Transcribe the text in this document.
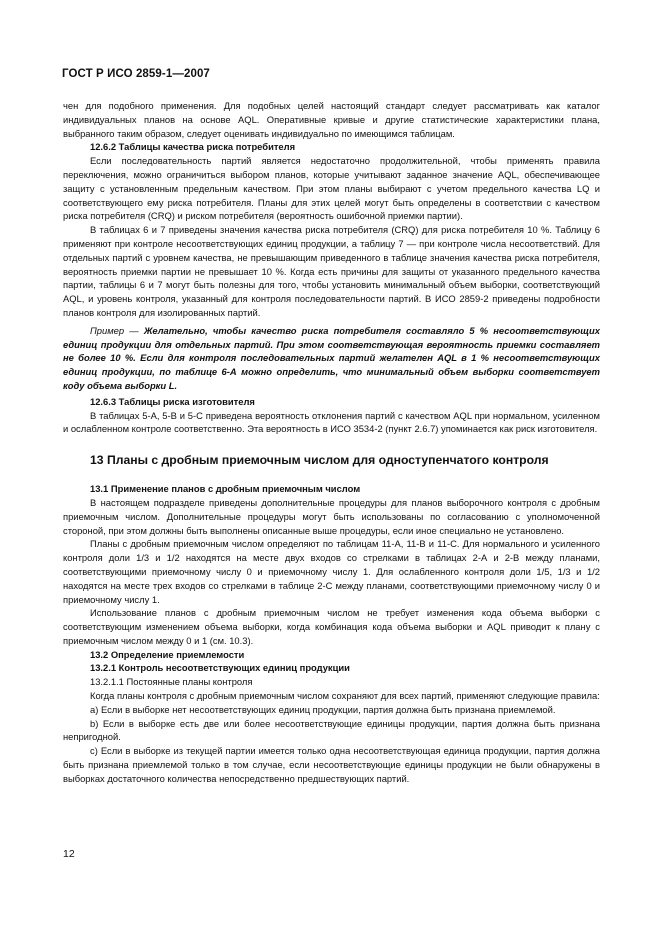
ГОСТ Р ИСО 2859-1—2007

чен для подобного применения. Для подобных целей настоящий стандарт следует рассматривать как каталог индивидуальных планов на основе AQL. Оперативные кривые и другие статистические характеристики плана, выбранного таким образом, следует оценивать индивидуально по имеющимся таблицам.

12.6.2 Таблицы качества риска потребителя

Если последовательность партий является недостаточно продолжительной, чтобы применять правила переключения, можно ограничиться выбором планов, которые учитывают заданное значение AQL, обеспечивающее защиту с установленным предельным качеством. При этом планы выбирают с учетом предельного качества LQ и соответствующего ему риска потребителя. Планы для этих целей могут быть определены в соответствии с качеством риска потребителя (CRQ) и риском потребителя (вероятность ошибочной приемки партии).

В таблицах 6 и 7 приведены значения качества риска потребителя (CRQ) для риска потребителя 10 %. Таблицу 6 применяют при контроле несоответствующих единиц продукции, а таблицу 7 — при контроле числа несоответствий. Для отдельных партий с уровнем качества, не превышающим приведенного в таблице значения качества риска потребителя, вероятность приемки партии не превышает 10 %. Когда есть причины для защиты от указанного предельного качества партии, таблицы 6 и 7 могут быть полезны для того, чтобы установить минимальный объем выборки, соответствующий AQL, и уровень контроля, указанный для контроля последовательности партий. В ИСО 2859-2 приведены подробности планов контроля для изолированных партий.

Пример — Желательно, чтобы качество риска потребителя составляло 5 % несоответствующих единиц продукции для отдельных партий. При этом соответствующая вероятность приемки составляет не более 10 %. Если для контроля последовательных партий желателен AQL в 1 % несоответствующих единиц продукции, по таблице 6-А можно определить, что минимальный объем выборки соответствует коду объема выборки L.

12.6.3 Таблицы риска изготовителя

В таблицах 5-А, 5-В и 5-С приведена вероятность отклонения партий с качеством AQL при нормальном, усиленном и ослабленном контроле соответственно. Эта вероятность в ИСО 3534-2 (пункт 2.6.7) упоминается как риск изготовителя.

13 Планы с дробным приемочным числом для одноступенчатого контроля

13.1 Применение планов с дробным приемочным числом

В настоящем подразделе приведены дополнительные процедуры для планов выборочного контроля с дробным приемочным числом. Дополнительные процедуры могут быть использованы по согласованию с уполномоченной стороной, при этом должны быть выполнены описанные выше процедуры, если иное специально не установлено.

Планы с дробным приемочным числом определяют по таблицам 11-А, 11-В и 11-С. Для нормального и усиленного контроля доли 1/3 и 1/2 находятся на месте двух входов со стрелками в таблицах 2-А и 2-В между планами, соответствующими приемочному числу 0 и приемочному числу 1. Для ослабленного контроля доли 1/5, 1/3 и 1/2 находятся на месте трех входов со стрелками в таблице 2-С между планами, соответствующими приемочному числу 0 и приемочному числу 1.

Использование планов с дробным приемочным числом не требует изменения кода объема выборки с соответствующим изменением объема выборки, когда комбинация кода объема выборки и AQL приводит к плану с приемочным числом между 0 и 1 (см. 10.3).

13.2 Определение приемлемости

13.2.1 Контроль несоответствующих единиц продукции

13.2.1.1 Постоянные планы контроля

Когда планы контроля с дробным приемочным числом сохраняют для всех партий, применяют следующие правила:

а) Если в выборке нет несоответствующих единиц продукции, партия должна быть признана приемлемой.

b) Если в выборке есть две или более несоответствующие единицы продукции, партия должна быть признана непригодной.

с) Если в выборке из текущей партии имеется только одна несоответствующая единица продукции, партия должна быть признана приемлемой только в том случае, если несоответствующие единицы продукции не были обнаружены в выборках достаточного количества непосредственно предшествующих партий.

12
